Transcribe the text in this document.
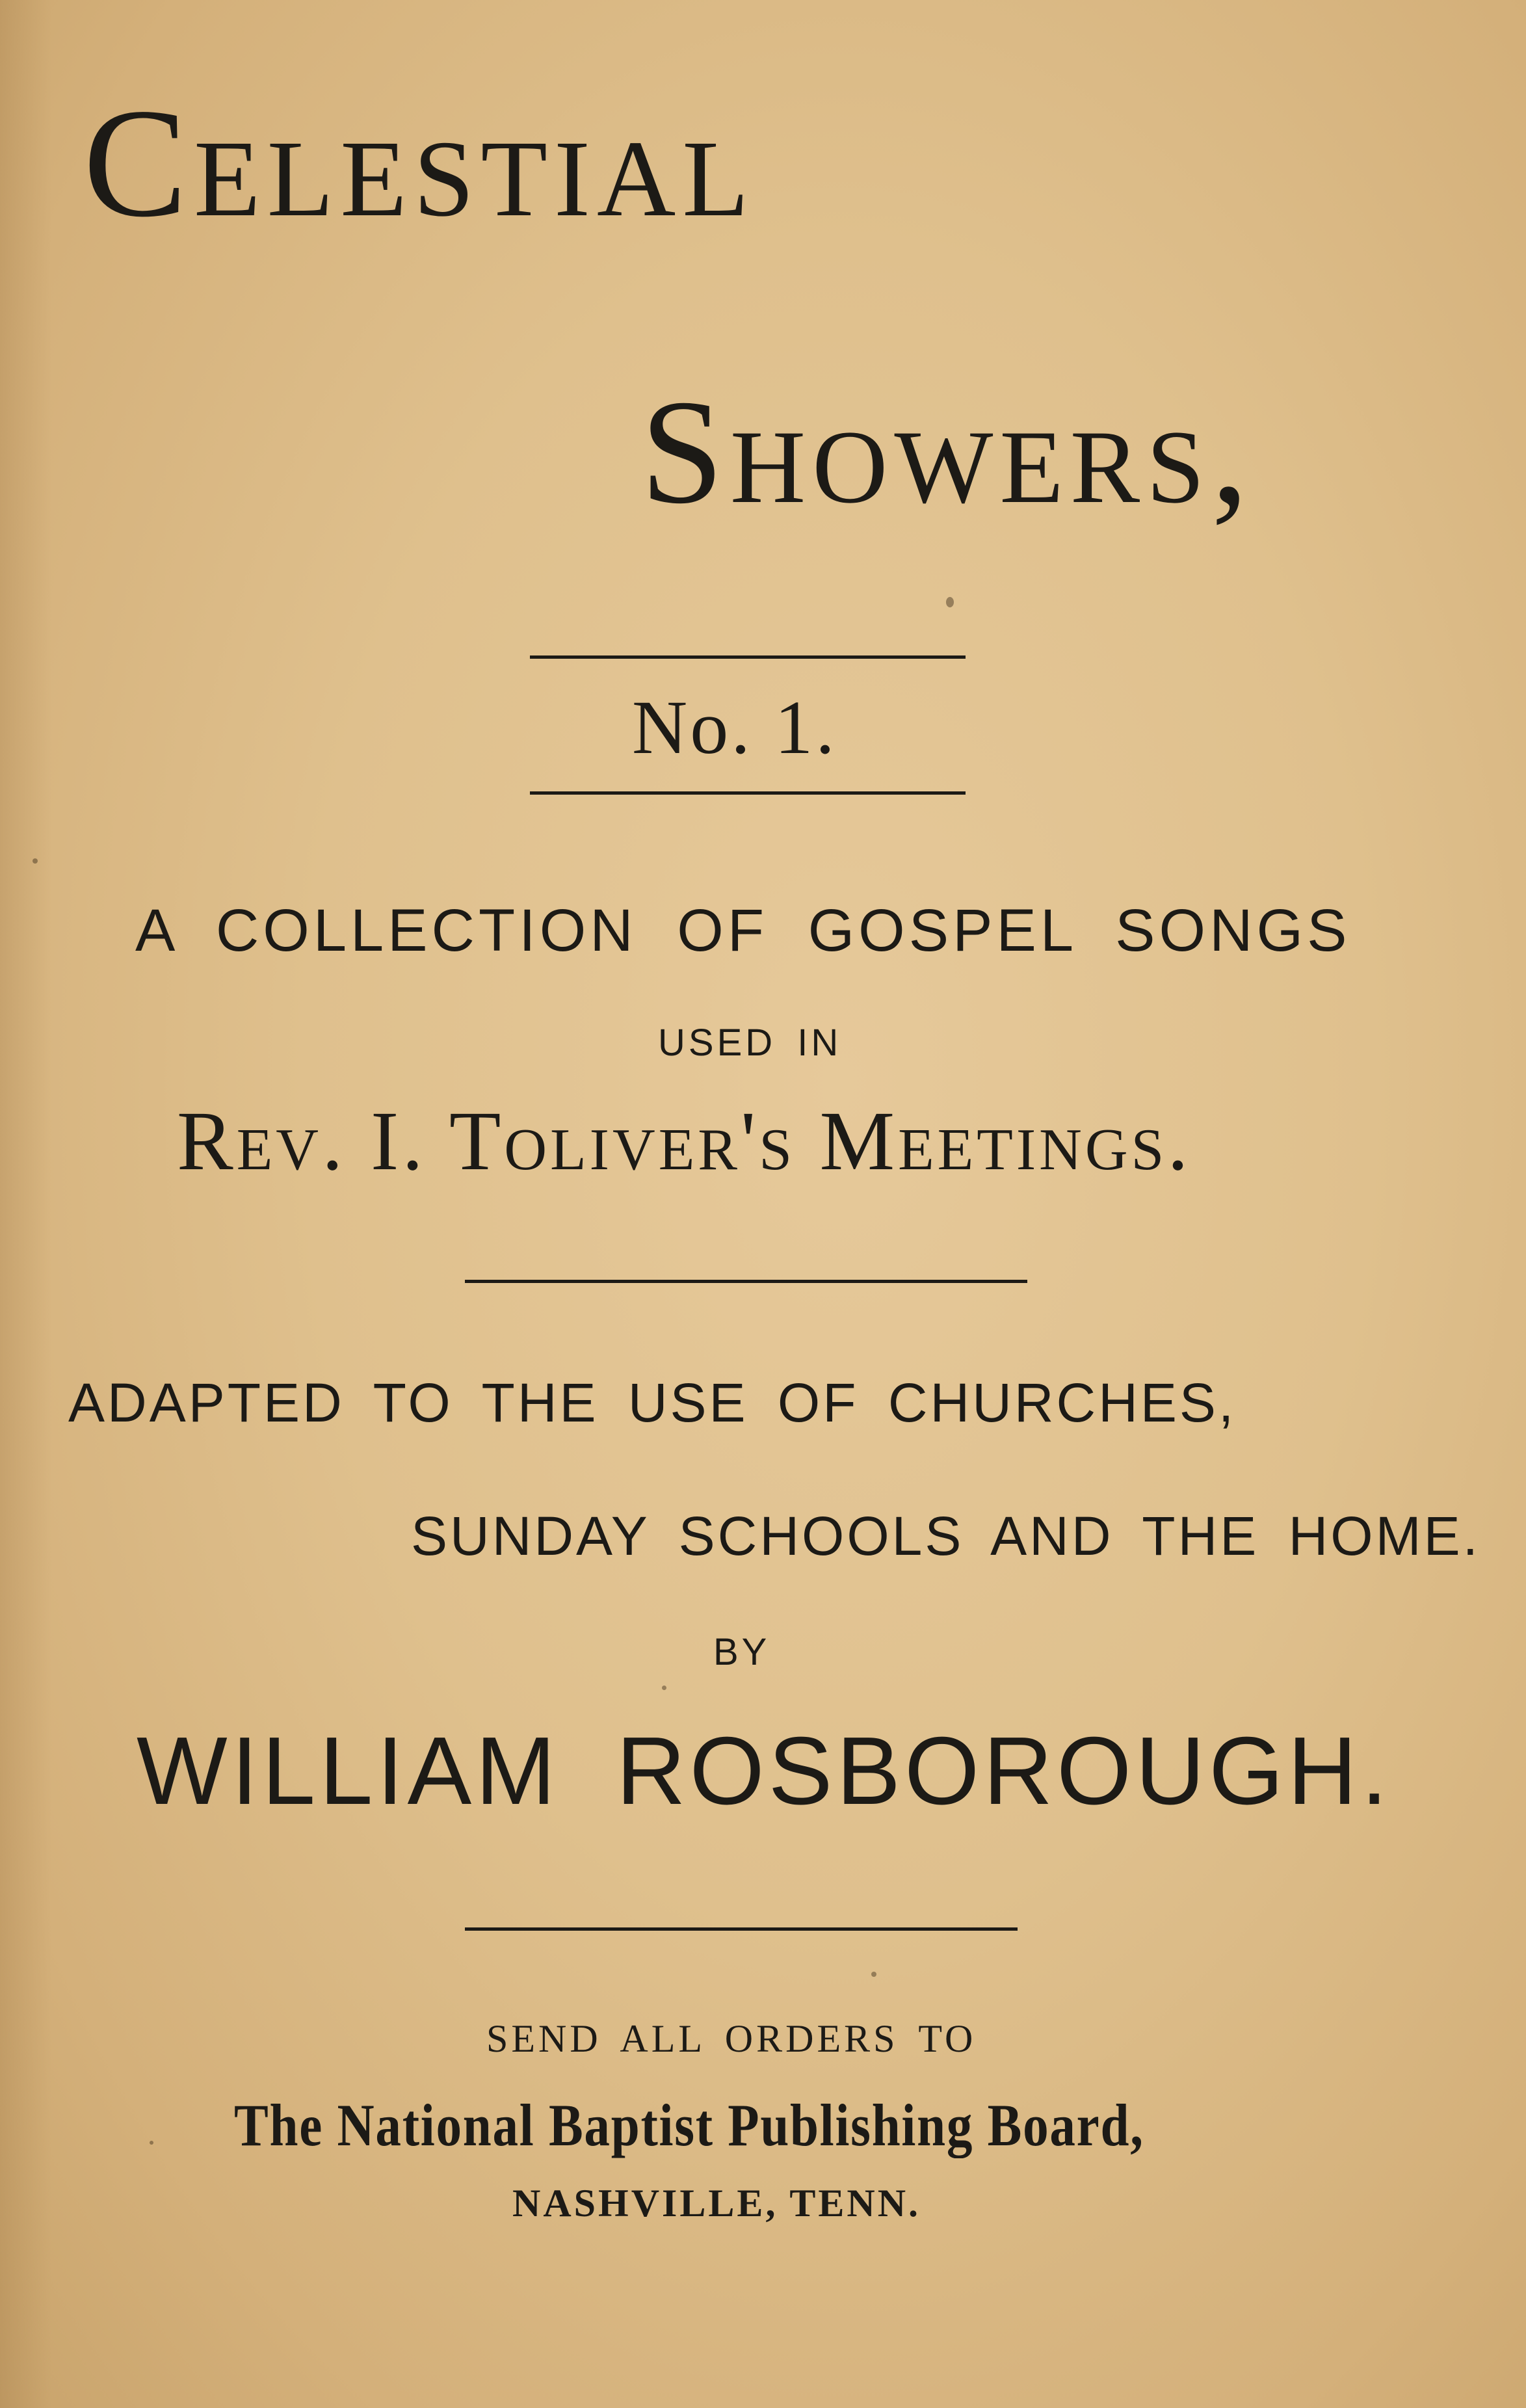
Celestial
Showers,
No. 1.
A COLLECTION OF GOSPEL SONGS
USED IN
Rev. I. Toliver's Meetings.
ADAPTED TO THE USE OF CHURCHES,
SUNDAY SCHOOLS AND THE HOME.
BY
WILLIAM ROSBOROUGH.
SEND ALL ORDERS TO
The National Baptist Publishing Board,
NASHVILLE, TENN.
